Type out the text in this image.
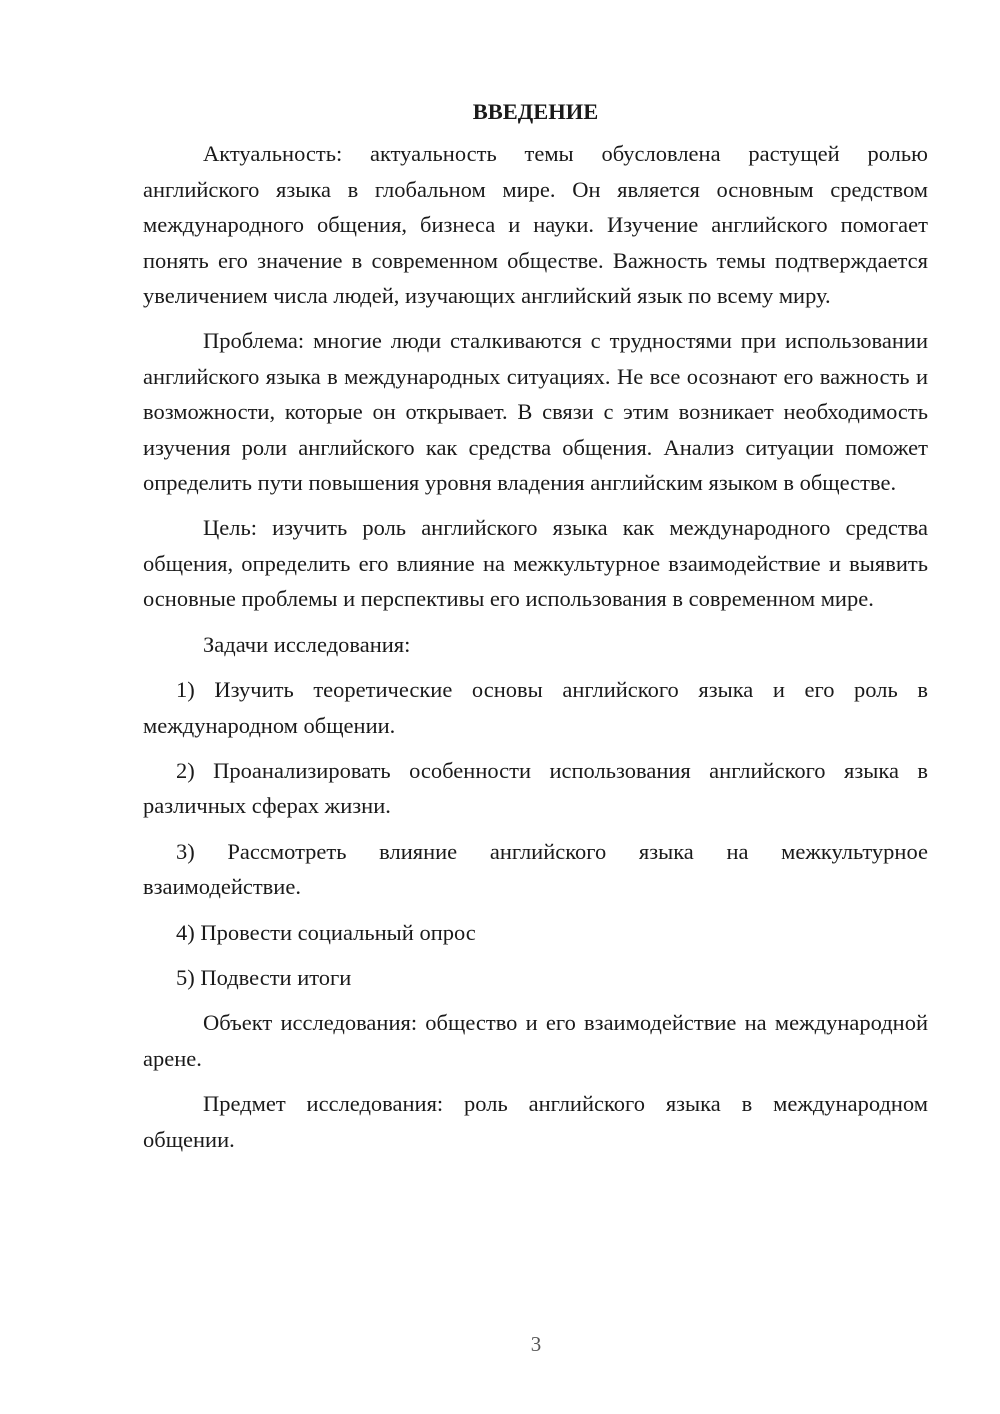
ВВЕДЕНИЕ

Актуальность: актуальность темы обусловлена растущей ролью английского языка в глобальном мире. Он является основным средством международного общения, бизнеса и науки. Изучение английского помогает понять его значение в современном обществе. Важность темы подтверждается увеличением числа людей, изучающих английский язык по всему миру.

Проблема: многие люди сталкиваются с трудностями при использовании английского языка в международных ситуациях. Не все осознают его важность и возможности, которые он открывает. В связи с этим возникает необходимость изучения роли английского как средства общения. Анализ ситуации поможет определить пути повышения уровня владения английским языком в обществе.

Цель: изучить роль английского языка как международного средства общения, определить его влияние на межкультурное взаимодействие и выявить основные проблемы и перспективы его использования в современном мире.

Задачи исследования:

1) Изучить теоретические основы английского языка и его роль в международном общении.

2) Проанализировать особенности использования английского языка в различных сферах жизни.

3) Рассмотреть влияние английского языка на межкультурное взаимодействие.

4) Провести социальный опрос

5) Подвести итоги

Объект исследования: общество и его взаимодействие на международной арене.

Предмет исследования: роль английского языка в международном общении.

3
